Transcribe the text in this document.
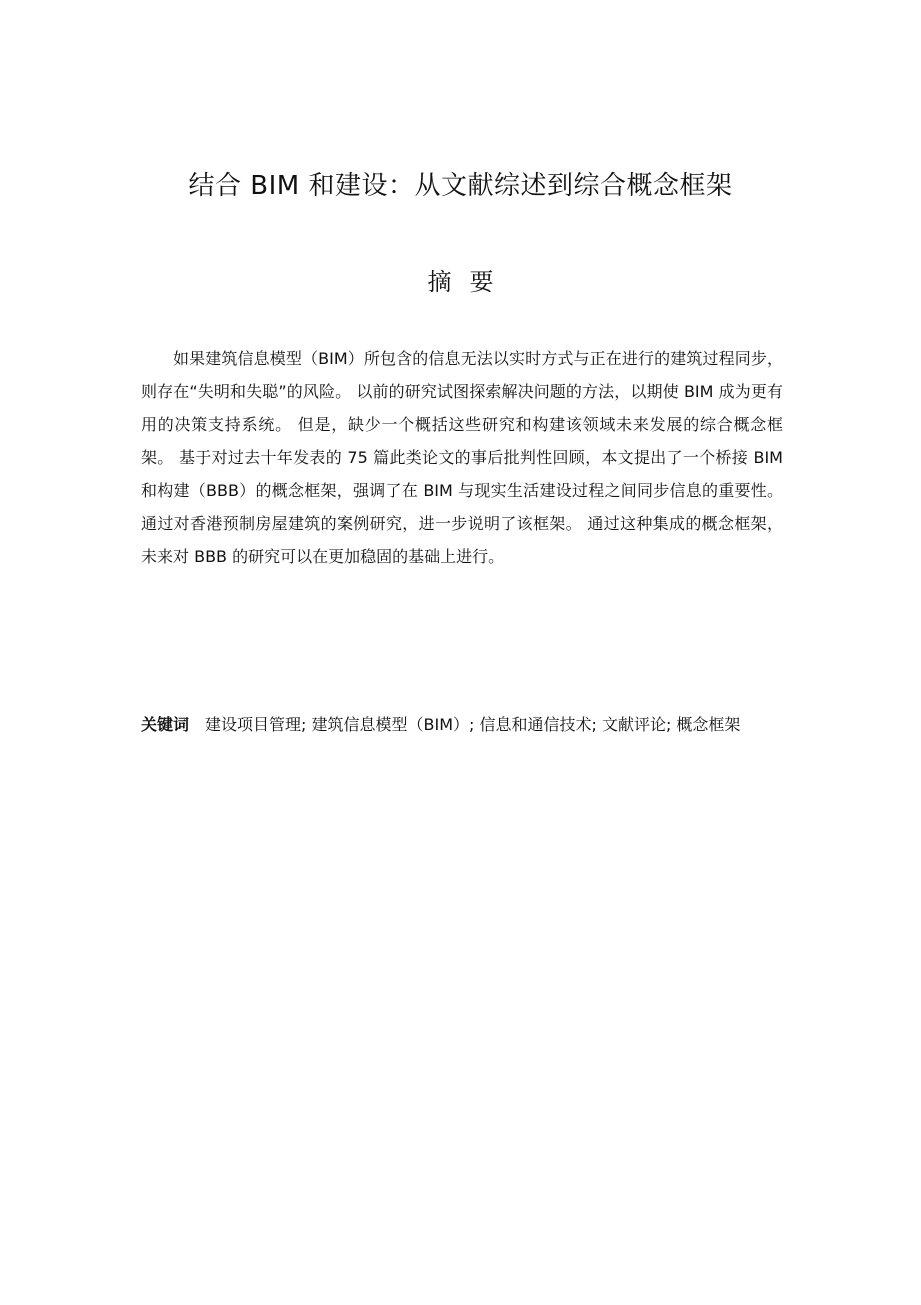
结合 BIM 和建设：从文献综述到综合概念框架
摘要

如果建筑信息模型（BIM）所包含的信息无法以实时方式与正在进行的建筑过程同步，则存在“失明和失聪”的风险。 以前的研究试图探索解决问题的方法，以期使 BIM 成为更有用的决策支持系统。 但是，缺少一个概括这些研究和构建该领域未来发展的综合概念框架。 基于对过去十年发表的 75 篇此类论文的事后批判性回顾，本文提出了一个桥接 BIM 和构建（BBB）的概念框架，强调了在 BIM 与现实生活建设过程之间同步信息的重要性。 通过对香港预制房屋建筑的案例研究，进一步说明了该框架。 通过这种集成的概念框架，未来对 BBB 的研究可以在更加稳固的基础上进行。

关键词 建设项目管理; 建筑信息模型（BIM）; 信息和通信技术; 文献评论; 概念框架
